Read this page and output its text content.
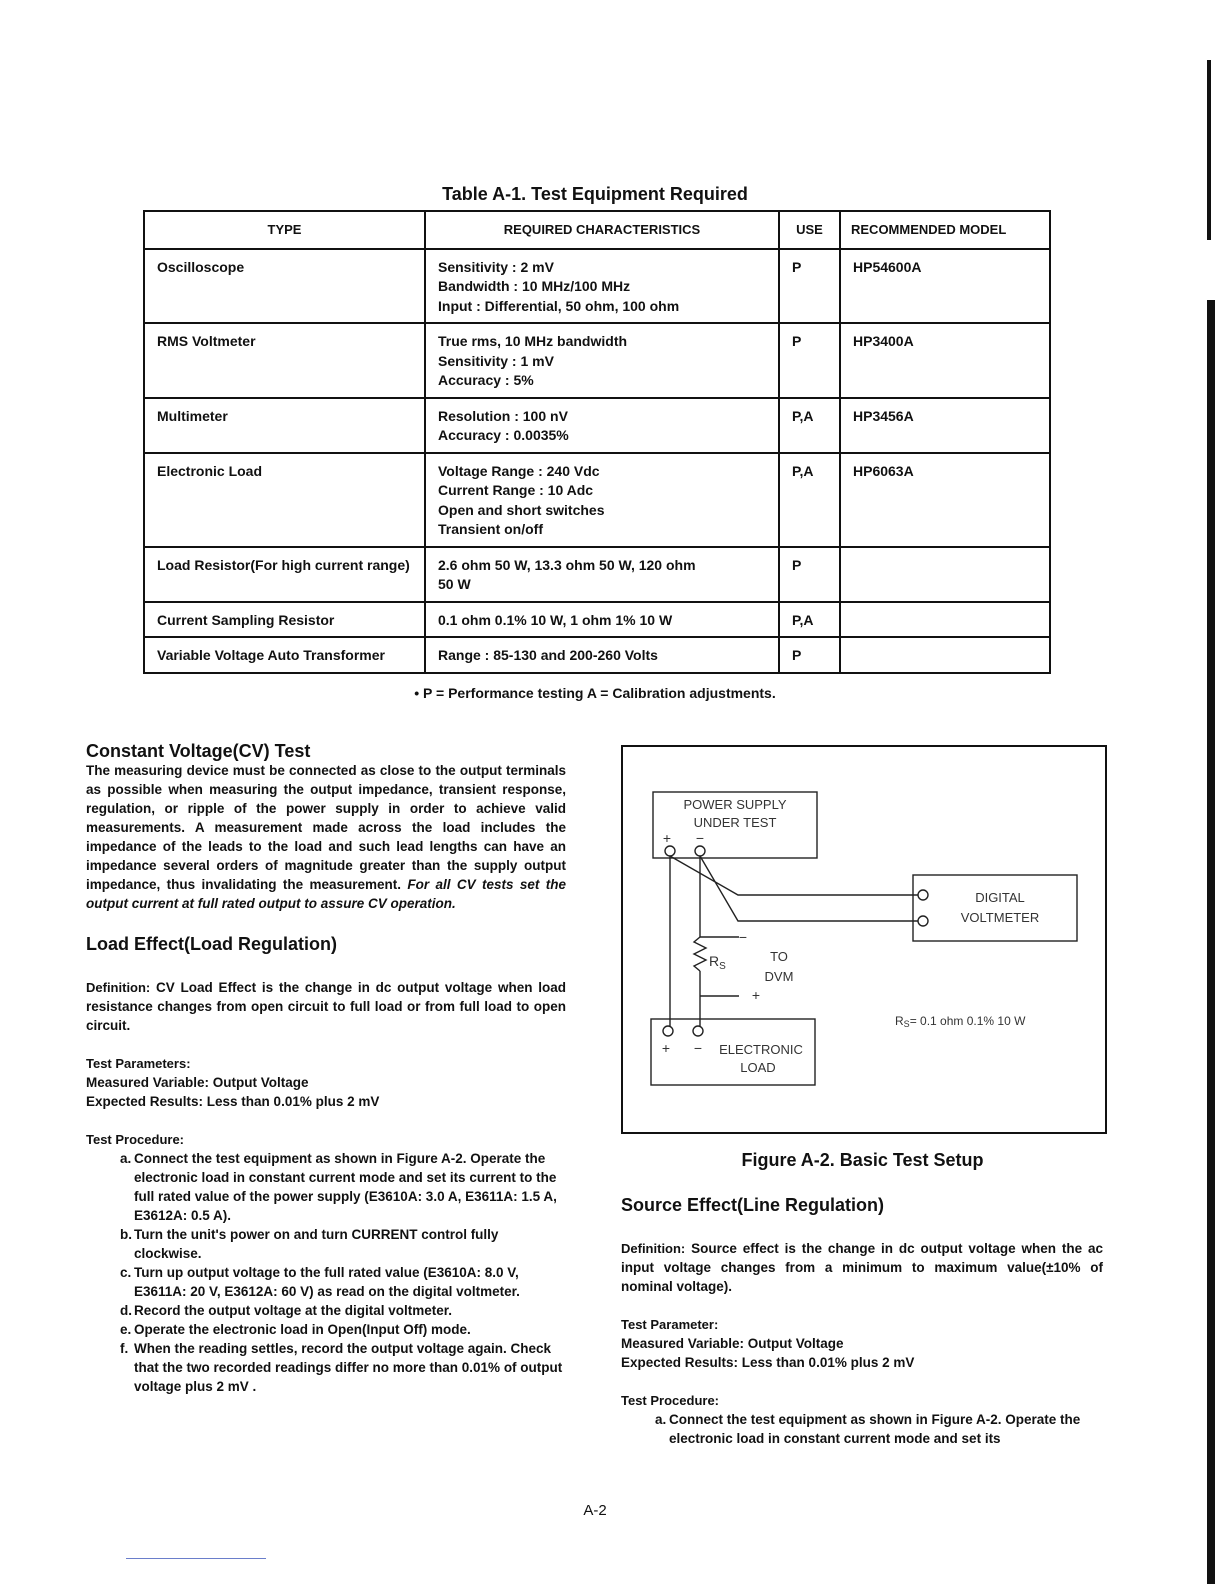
Table A-1. Test Equipment Required
TYPE	REQUIRED CHARACTERISTICS	USE	RECOMMENDED MODEL
Oscilloscope	Sensitivity : 2 mV
Bandwidth : 10 MHz/100 MHz
Input : Differential, 50 ohm, 100 ohm	P	HP54600A
RMS Voltmeter	True rms, 10 MHz bandwidth
Sensitivity : 1 mV
Accuracy : 5%	P	HP3400A
Multimeter	Resolution : 100 nV
Accuracy : 0.0035%	P,A	HP3456A
Electronic Load	Voltage Range : 240 Vdc
Current Range : 10 Adc
Open and short switches
Transient on/off	P,A	HP6063A
Load Resistor(For high current range)	2.6 ohm 50 W, 13.3 ohm 50 W, 120 ohm
50 W	P	
Current Sampling Resistor	0.1 ohm 0.1% 10 W, 1 ohm 1% 10 W	P,A	
Variable Voltage Auto Transformer	Range : 85-130 and 200-260 Volts	P	
• P = Performance testing A = Calibration adjustments.
Constant Voltage(CV) Test
The measuring device must be connected as close to the output terminals as possible when measuring the output impedance, transient response, regulation, or ripple of the power supply in order to achieve valid measurements. A measurement made across the load includes the impedance of the leads to the load and such lead lengths can have an impedance several orders of magnitude greater than the supply output impedance, thus invalidating the measurement. For all CV tests set the output current at full rated output to assure CV operation.
Load Effect(Load Regulation)
Definition: CV Load Effect is the change in dc output voltage when load resistance changes from open circuit to full load or from full load to open circuit.
Test Parameters:
Measured Variable: Output Voltage
Expected Results: Less than 0.01% plus 2 mV
Test Procedure:
a. Connect the test equipment as shown in Figure A-2. Operate the electronic load in constant current mode and set its current to the full rated value of the power supply (E3610A: 3.0 A, E3611A: 1.5 A, E3612A: 0.5 A).
b. Turn the unit's power on and turn CURRENT control fully clockwise.
c. Turn up output voltage to the full rated value (E3610A: 8.0 V, E3611A: 20 V, E3612A: 60 V) as read on the digital voltmeter.
d. Record the output voltage at the digital voltmeter.
e. Operate the electronic load in Open(Input Off) mode.
f. When the reading settles, record the output voltage again. Check that the two recorded readings differ no more than 0.01% of output voltage plus 2 mV .
POWER SUPPLY
UNDER TEST
+ −
DIGITAL
VOLTMETER
$R_S$
−
TO
DVM
+
+ − ELECTRONIC
LOAD
RS= 0.1 ohm 0.1% 10 W
Figure A-2. Basic Test Setup
Source Effect(Line Regulation)
Definition: Source effect is the change in dc output voltage when the ac input voltage changes from a minimum to maximum value(±10% of nominal voltage).
Test Parameter:
Measured Variable: Output Voltage
Expected Results: Less than 0.01% plus 2 mV
Test Procedure:
a. Connect the test equipment as shown in Figure A-2. Operate the electronic load in constant current mode and set its
A-2
